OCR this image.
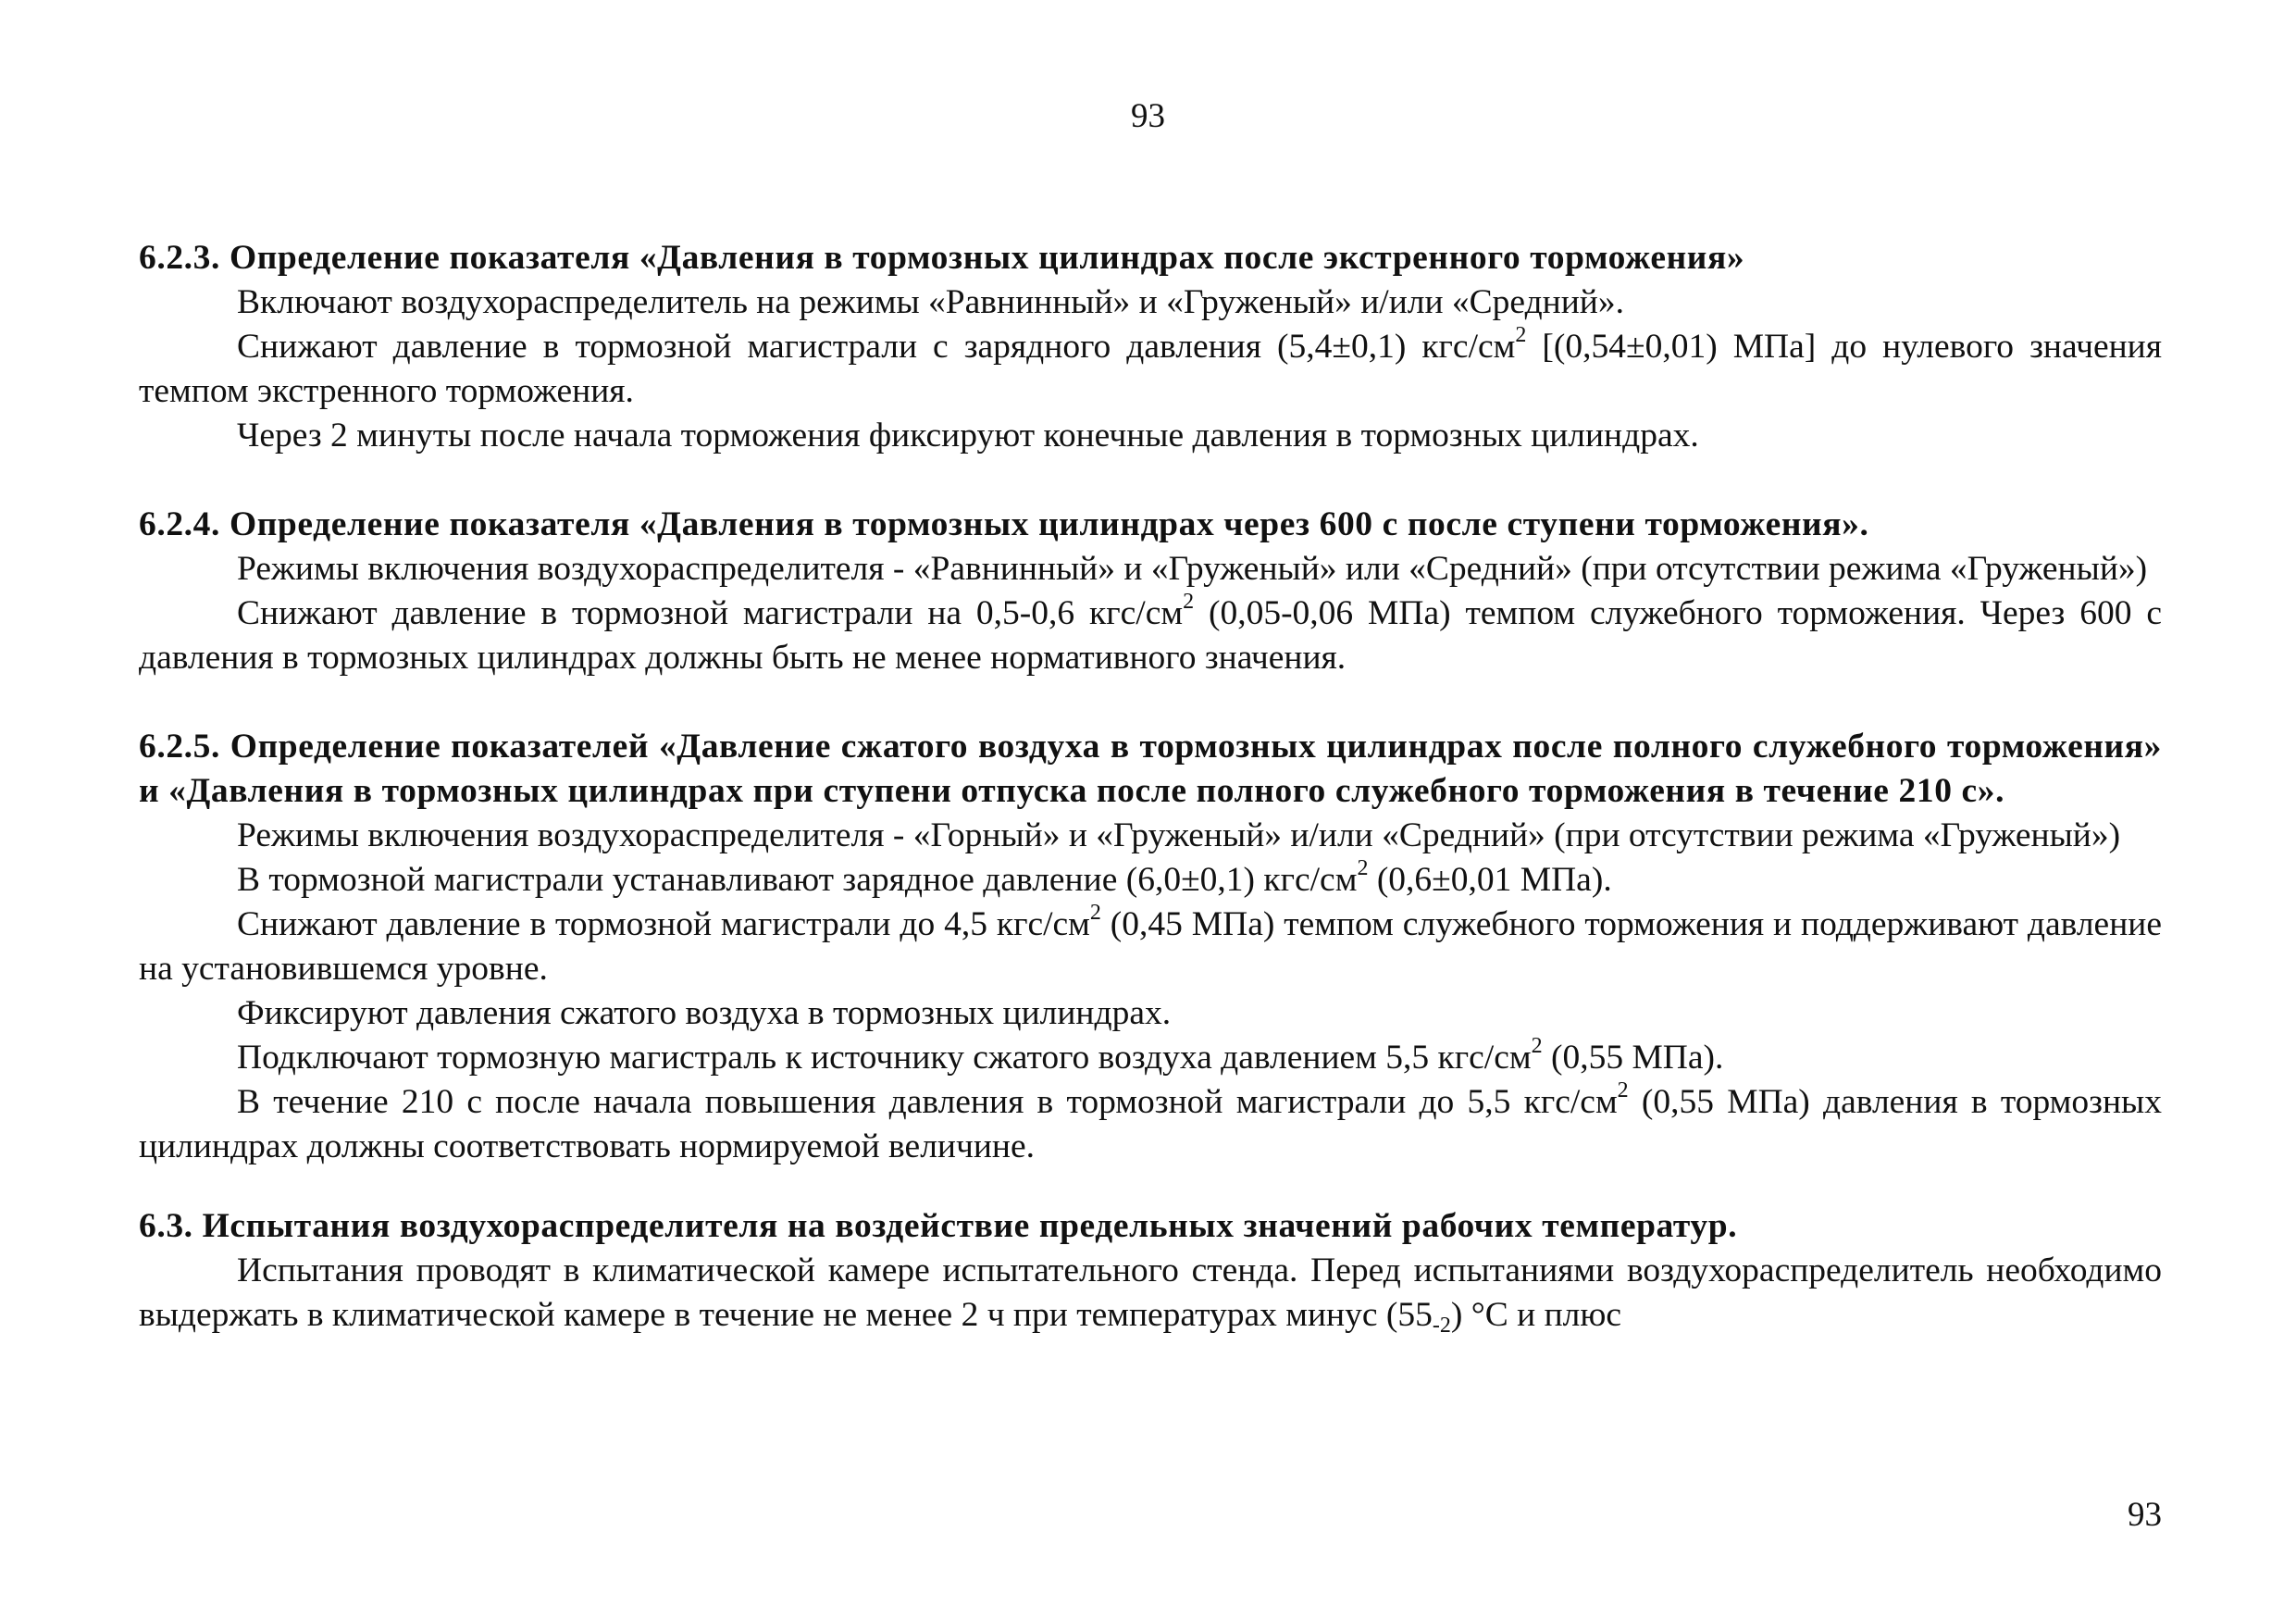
93

6.2.3. Определение показателя «Давления в тормозных цилиндрах после экстренного торможения»

Включают воздухораспределитель на режимы «Равнинный» и «Груженый» и/или «Средний».

Снижают давление в тормозной магистрали с зарядного давления (5,4±0,1) кгс/$см^2$ [(0,54±0,01) МПа] до нулевого значения темпом экстренного торможения.

Через 2 минуты после начала торможения фиксируют конечные давления в тормозных цилиндрах.

6.2.4. Определение показателя «Давления в тормозных цилиндрах через 600 с после ступени торможения».

Режимы включения воздухораспределителя - «Равнинный» и «Груженый» или «Средний» (при отсутствии режима «Груженый»)

Снижают давление в тормозной магистрали на 0,5-0,6 кгс/$см^2$ (0,05-0,06 МПа) темпом служебного торможения. Через 600 с давления в тормозных цилиндрах должны быть не менее нормативного значения.

6.2.5. Определение показателей «Давление сжатого воздуха в тормозных цилиндрах после полного служебного торможения» и «Давления в тормозных цилиндрах при ступени отпуска после полного служебного торможения в течение 210 с».

Режимы включения воздухораспределителя - «Горный» и «Груженый» и/или «Средний» (при отсутствии режима «Груженый»)

В тормозной магистрали устанавливают зарядное давление (6,0±0,1) кгс/$см^2$ (0,6±0,01 МПа).

Снижают давление в тормозной магистрали до 4,5 кгс/$см^2$ (0,45 МПа) темпом служебного торможения и поддерживают давление на установившемся уровне.

Фиксируют давления сжатого воздуха в тормозных цилиндрах.

Подключают тормозную магистраль к источнику сжатого воздуха давлением 5,5 кгс/$см^2$ (0,55 МПа).

В течение 210 с после начала повышения давления в тормозной магистрали до 5,5 кгс/$см^2$ (0,55 МПа) давления в тормозных цилиндрах должны соответствовать нормируемой величине.

6.3. Испытания воздухораспределителя на воздействие предельных значений рабочих температур.

Испытания проводят в климатической камере испытательного стенда. Перед испытаниями воздухораспределитель необходимо выдержать в климатической камере в течение не менее 2 ч при температурах минус $(55_{-2})$ °С и плюс

93
